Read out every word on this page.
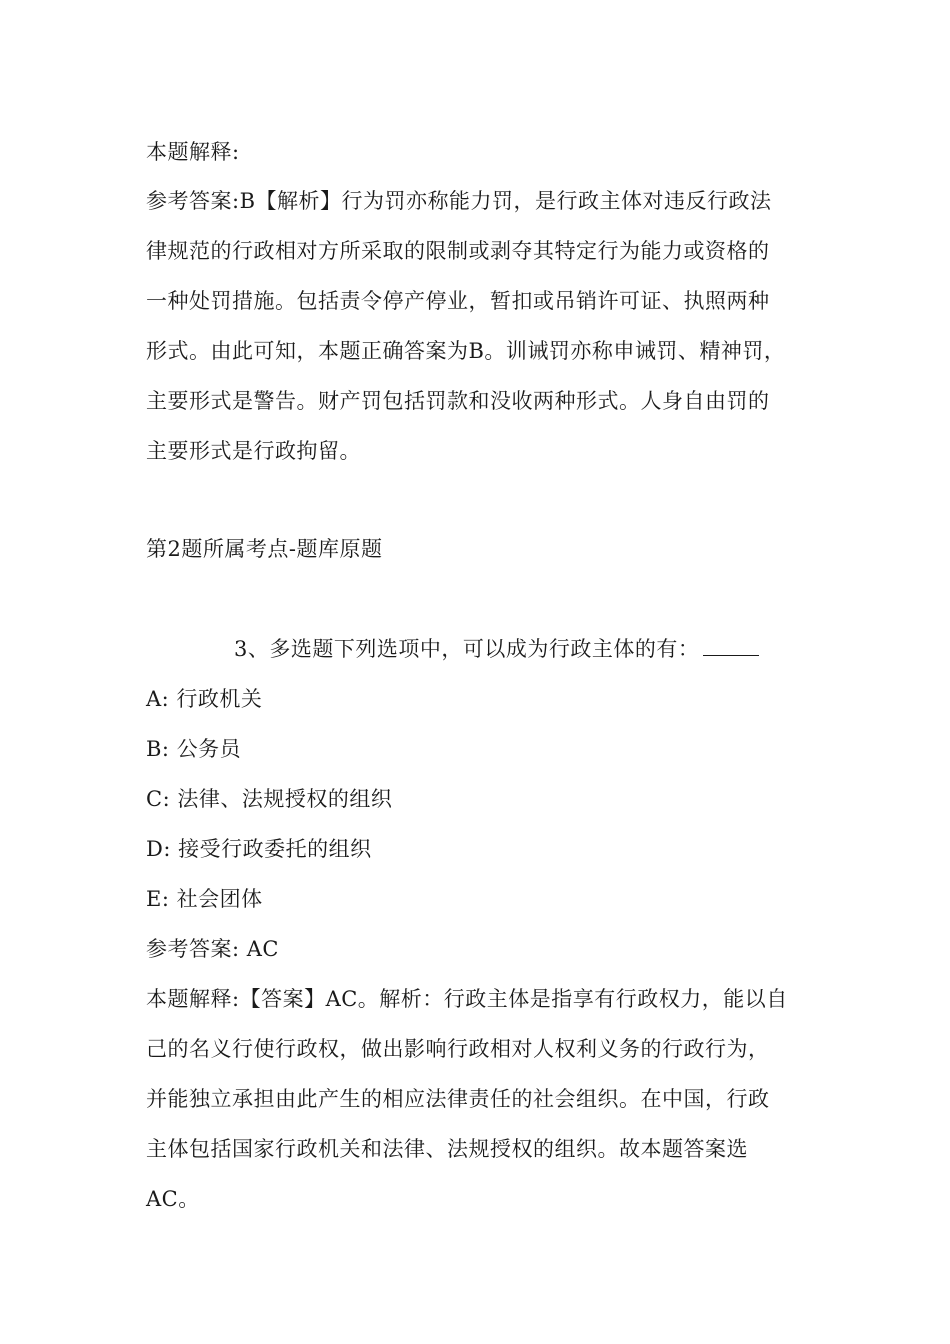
本题解释:
参考答案:B【解析】行为罚亦称能力罚，是行政主体对违反行政法
律规范的行政相对方所采取的限制或剥夺其特定行为能力或资格的
一种处罚措施。包括责令停产停业，暂扣或吊销许可证、执照两种
形式。由此可知，本题正确答案为B。训诫罚亦称申诫罚、精神罚，
主要形式是警告。财产罚包括罚款和没收两种形式。人身自由罚的
主要形式是行政拘留。
第2题所属考点-题库原题
3、多选题下列选项中，可以成为行政主体的有：
A: 行政机关
B: 公务员
C: 法律、法规授权的组织
D: 接受行政委托的组织
E: 社会团体
参考答案: AC
本题解释:【答案】AC。解析：行政主体是指享有行政权力，能以自
己的名义行使行政权，做出影响行政相对人权利义务的行政行为，
并能独立承担由此产生的相应法律责任的社会组织。在中国，行政
主体包括国家行政机关和法律、法规授权的组织。故本题答案选
AC。
